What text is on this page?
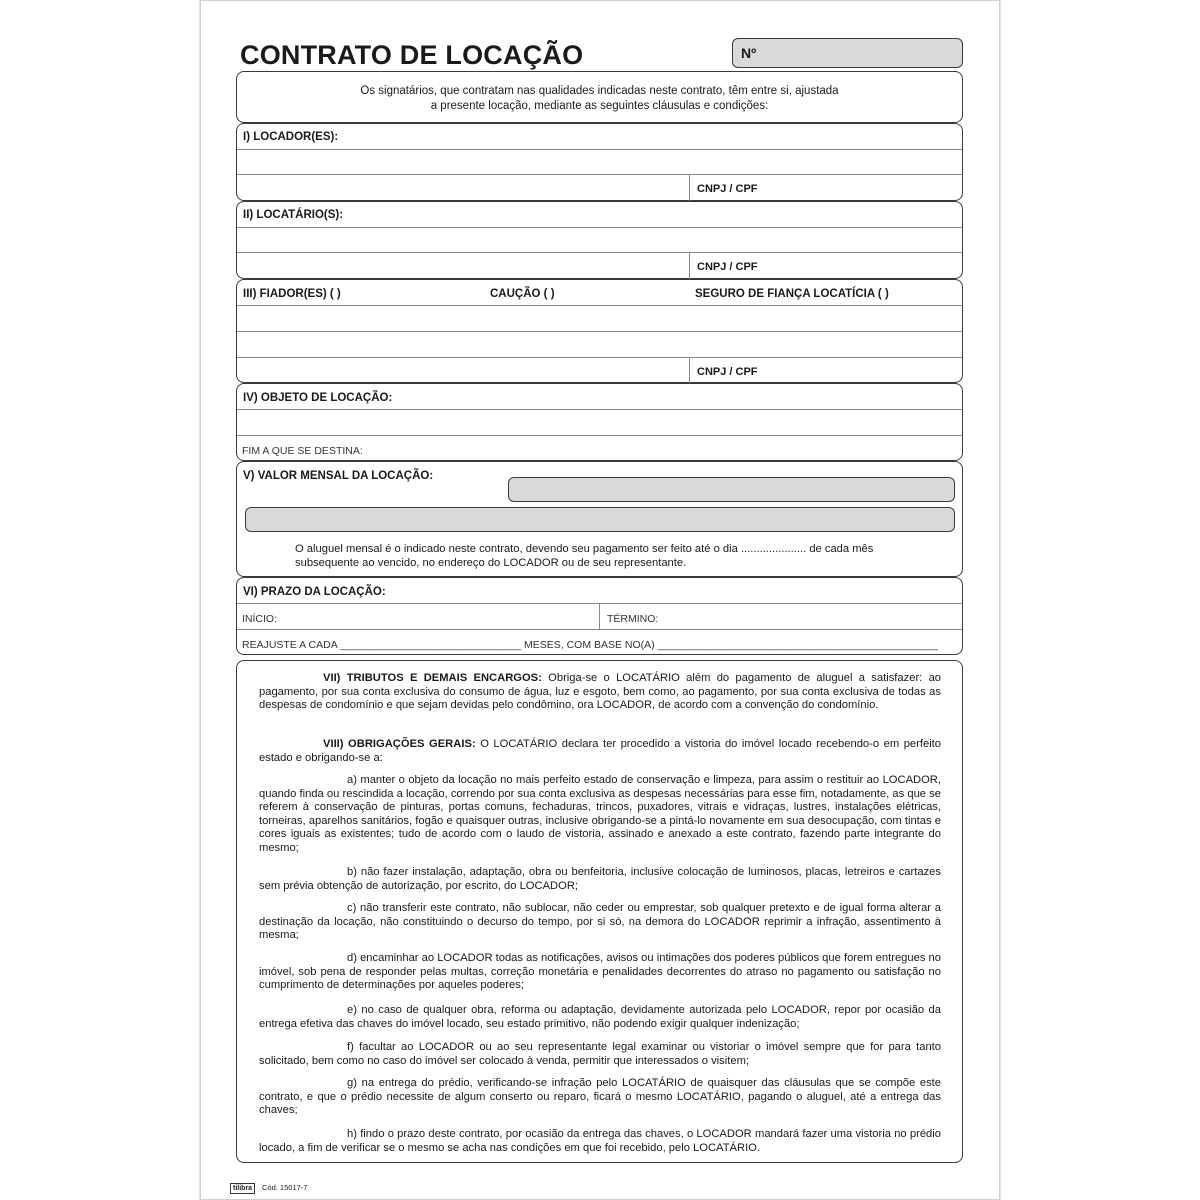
CONTRATO DE LOCAÇÃO	Nº
Os signatários, que contratam nas qualidades indicadas neste contrato, têm entre si, ajustada
a presente locação, mediante as seguintes cláusulas e condições:
I) LOCADOR(ES):
CNPJ / CPF
II) LOCATÁRIO(S):
CNPJ / CPF
III) FIADOR(ES) ( )	CAUÇÃO ( )	SEGURO DE FIANÇA LOCATÍCIA ( )
CNPJ / CPF
IV) OBJETO DE LOCAÇÃO:
FIM A QUE SE DESTINA:
V) VALOR MENSAL DA LOCAÇÃO:
O aluguel mensal é o indicado neste contrato, devendo seu pagamento ser feito até o dia ..................... de cada mês
subsequente ao vencido, no endereço do LOCADOR ou de seu representante.
VI) PRAZO DA LOCAÇÃO:
INÍCIO:	TÉRMINO:
REAJUSTE A CADA _______________________________ MESES, COM BASE NO(A) ________________________________________________
VII) TRIBUTOS E DEMAIS ENCARGOS: Obriga-se o LOCATÁRIO além do pagamento de aluguel a satisfazer: ao pagamento, por sua conta exclusiva do consumo de água, luz e esgoto, bem como, ao pagamento, por sua conta exclusiva de todas as despesas de condomínio e que sejam devidas pelo condômino, ora LOCADOR, de acordo com a convenção do condomínio.
VIII) OBRIGAÇÕES GERAIS: O LOCATÁRIO declara ter procedido a vistoria do imóvel locado recebendo-o em perfeito estado e obrigando-se a:
a) manter o objeto da locação no mais perfeito estado de conservação e limpeza, para assim o restituir ao LOCADOR, quando finda ou rescindida a locação, correndo por sua conta exclusiva as despesas necessárias para esse fim, notadamente, as que se referem à conservação de pinturas, portas comuns, fechaduras, trincos, puxadores, vitrais e vidraças, lustres, instalações elétricas, torneiras, aparelhos sanitários, fogão e quaisquer outras, inclusive obrigando-se a pintá-lo novamente em sua desocupação, com tintas e cores iguais as existentes; tudo de acordo com o laudo de vistoria, assinado e anexado a este contrato, fazendo parte integrante do mesmo;
b) não fazer instalação, adaptação, obra ou benfeitoria, inclusive colocação de luminosos, placas, letreiros e cartazes sem prévia obtenção de autorização, por escrito, do LOCADOR;
c) não transferir este contrato, não sublocar, não ceder ou emprestar, sob qualquer pretexto e de igual forma alterar a destinação da locação, não constituindo o decurso do tempo, por si só, na demora do LOCADOR reprimir a infração, assentimento à mesma;
d) encaminhar ao LOCADOR todas as notificações, avisos ou intimações dos poderes públicos que forem entregues no imóvel, sob pena de responder pelas multas, correção monetária e penalidades decorrentes do atraso no pagamento ou satisfação no cumprimento de determinações por aqueles poderes;
e) no caso de qualquer obra, reforma ou adaptação, devidamente autorizada pelo LOCADOR, repor por ocasião da entrega efetiva das chaves do imóvel locado, seu estado primitivo, não podendo exigir qualquer indenização;
f) facultar ao LOCADOR ou ao seu representante legal examinar ou vistoriar o imóvel sempre que for para tanto solicitado, bem como no caso do imóvel ser colocado à venda, permitir que interessados o visitem;
g) na entrega do prédio, verificando-se infração pelo LOCATÁRIO de quaisquer das cláusulas que se compõe este contrato, e que o prédio necessite de algum conserto ou reparo, ficará o mesmo LOCATÁRIO, pagando o aluguel, até a entrega das chaves;
h) findo o prazo deste contrato, por ocasião da entrega das chaves, o LOCADOR mandará fazer uma vistoria no prédio locado, a fim de verificar se o mesmo se acha nas condições em que foi recebido, pelo LOCATÁRIO.
tilibra	Cód. 15017-7
